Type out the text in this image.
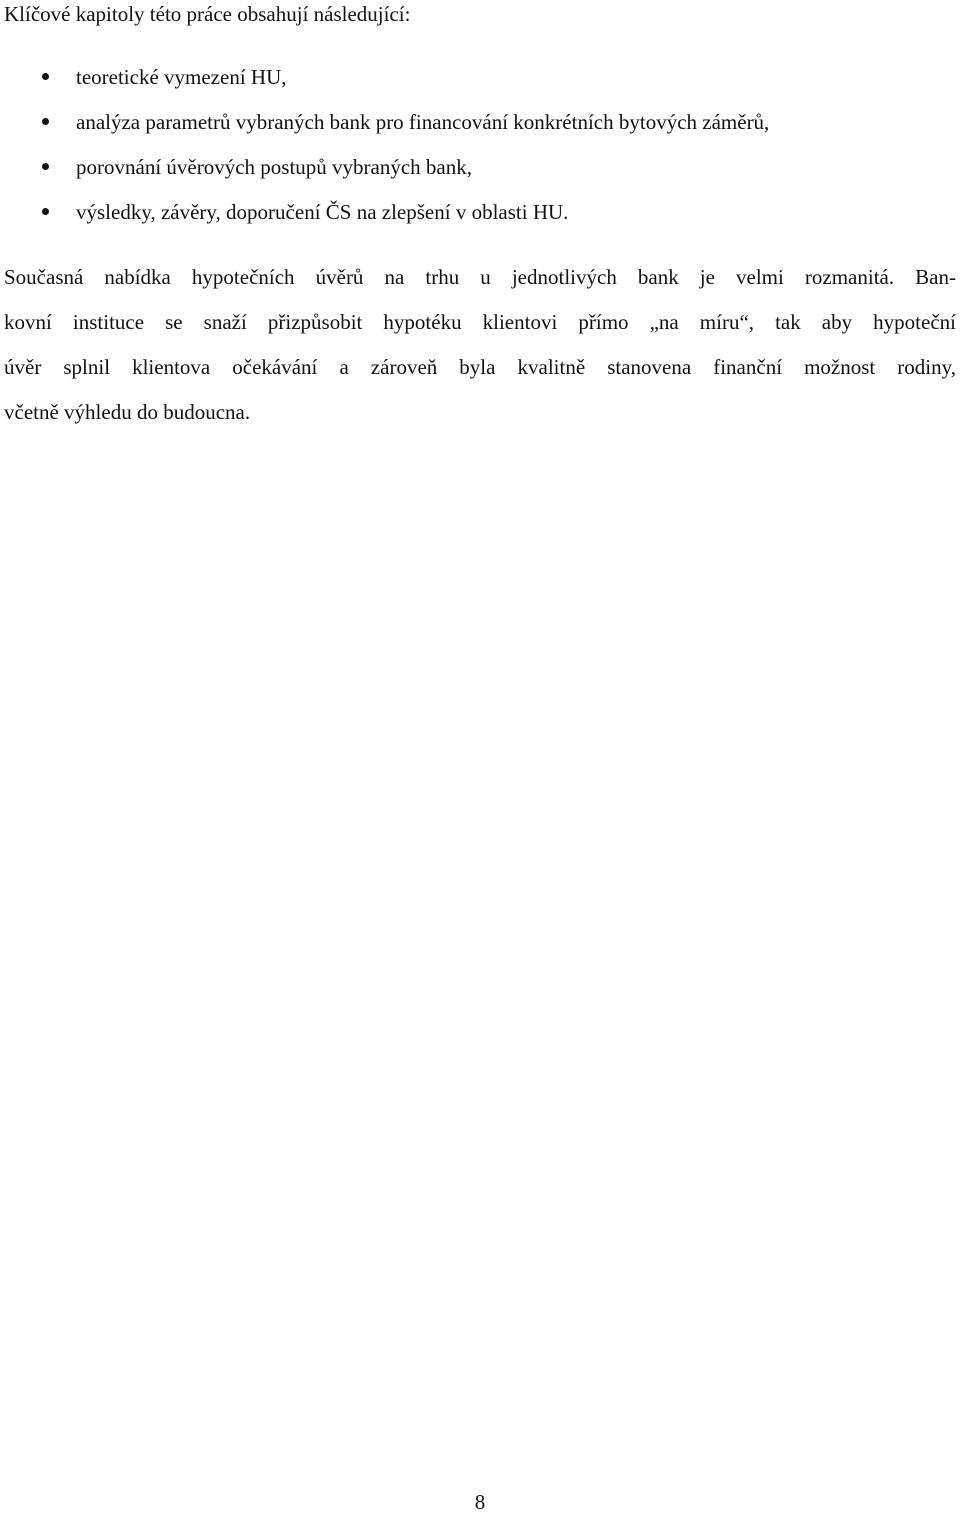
Klíčové kapitoly této práce obsahují následující:

teoretické vymezení HU,
analýza parametrů vybraných bank pro financování konkrétních bytových záměrů,
porovnání úvěrových postupů vybraných bank,
výsledky, závěry, doporučení ČS na zlepšení v oblasti HU.

Současná nabídka hypotečních úvěrů na trhu u jednotlivých bank je velmi rozmanitá. Ban-
kovní instituce se snaží přizpůsobit hypotéku klientovi přímo „na míru“, tak aby hypoteční
úvěr splnil klientova očekávání a zároveň byla kvalitně stanovena finanční možnost rodiny,
včetně výhledu do budoucna.

8
